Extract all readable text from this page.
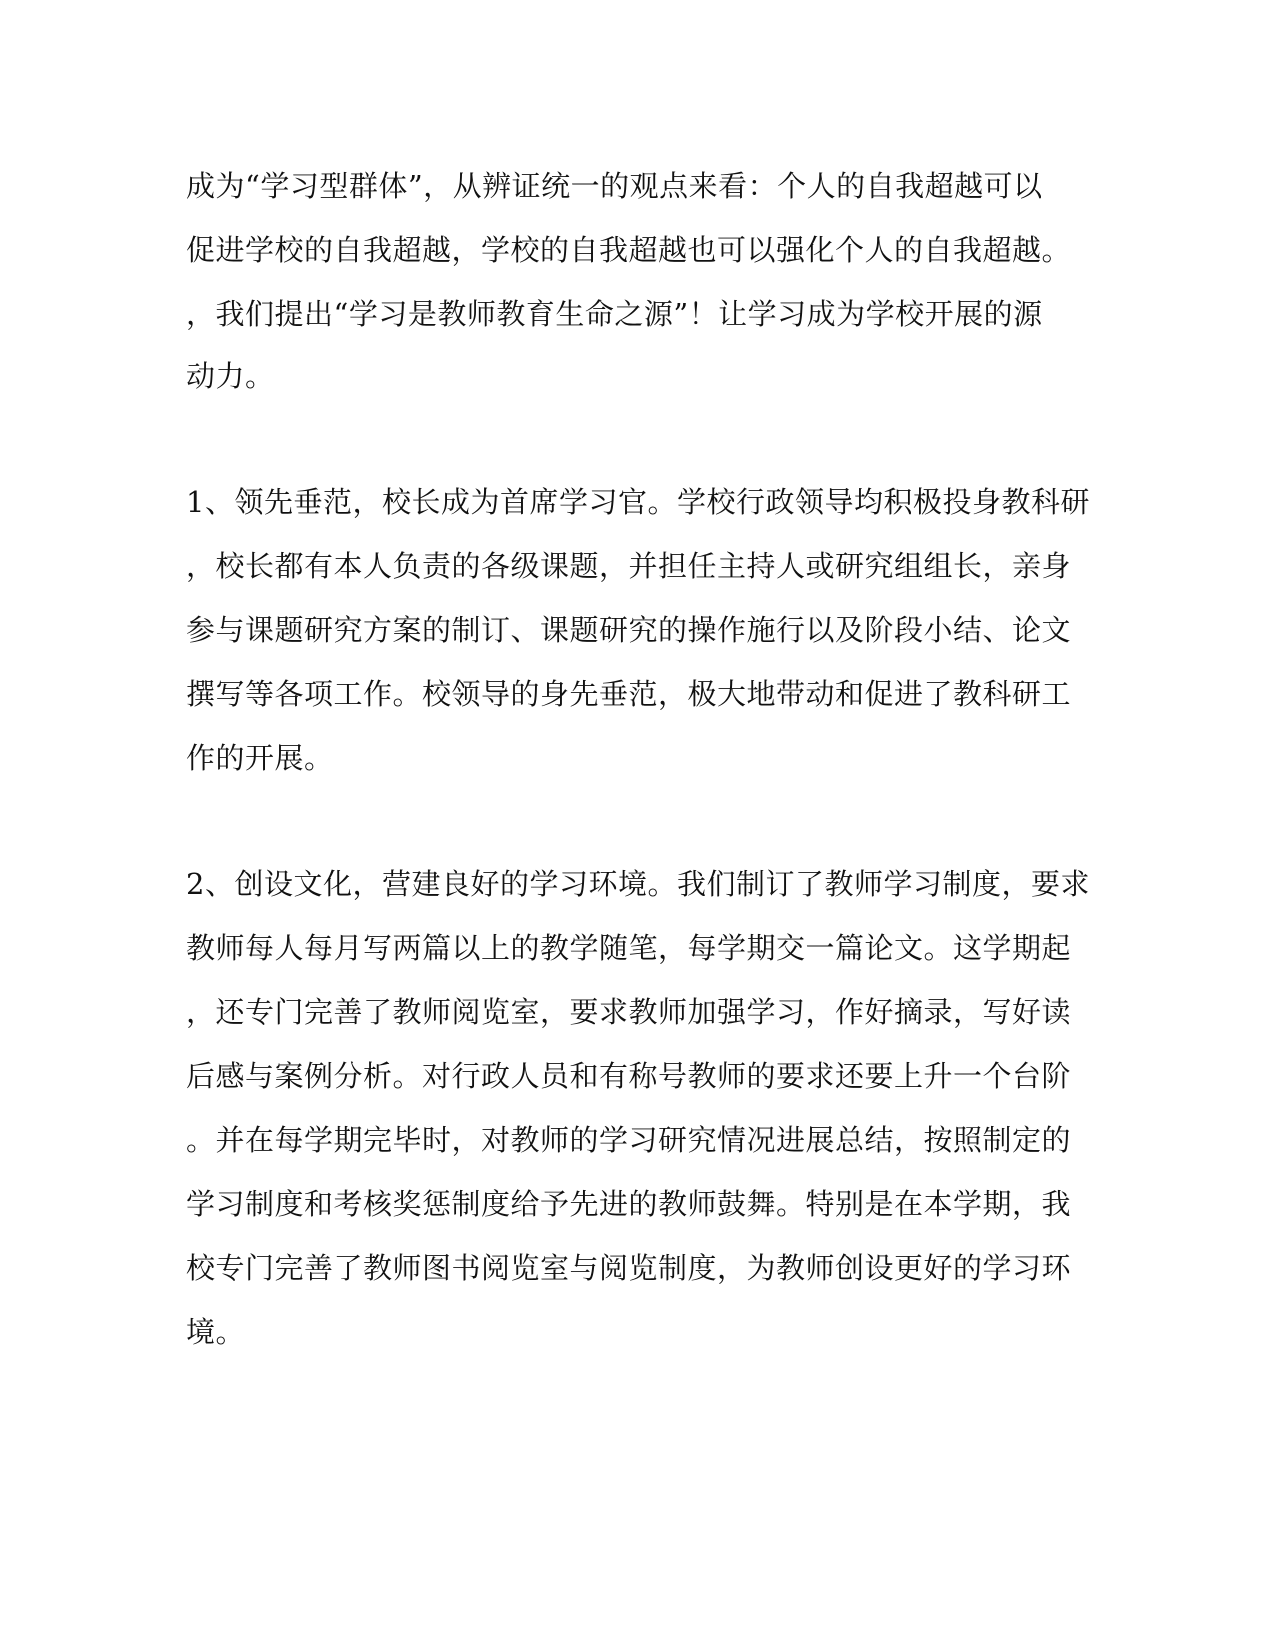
成为“学习型群体”，从辨证统一的观点来看：个人的自我超越可以
促进学校的自我超越，学校的自我超越也可以强化个人的自我超越。
，我们提出“学习是教师教育生命之源”！让学习成为学校开展的源
动力。
1、领先垂范，校长成为首席学习官。学校行政领导均积极投身教科研
，校长都有本人负责的各级课题，并担任主持人或研究组组长，亲身
参与课题研究方案的制订、课题研究的操作施行以及阶段小结、论文
撰写等各项工作。校领导的身先垂范，极大地带动和促进了教科研工
作的开展。
2、创设文化，营建良好的学习环境。我们制订了教师学习制度，要求
教师每人每月写两篇以上的教学随笔，每学期交一篇论文。这学期起
，还专门完善了教师阅览室，要求教师加强学习，作好摘录，写好读
后感与案例分析。对行政人员和有称号教师的要求还要上升一个台阶
。并在每学期完毕时，对教师的学习研究情况进展总结，按照制定的
学习制度和考核奖惩制度给予先进的教师鼓舞。特别是在本学期，我
校专门完善了教师图书阅览室与阅览制度，为教师创设更好的学习环
境。
